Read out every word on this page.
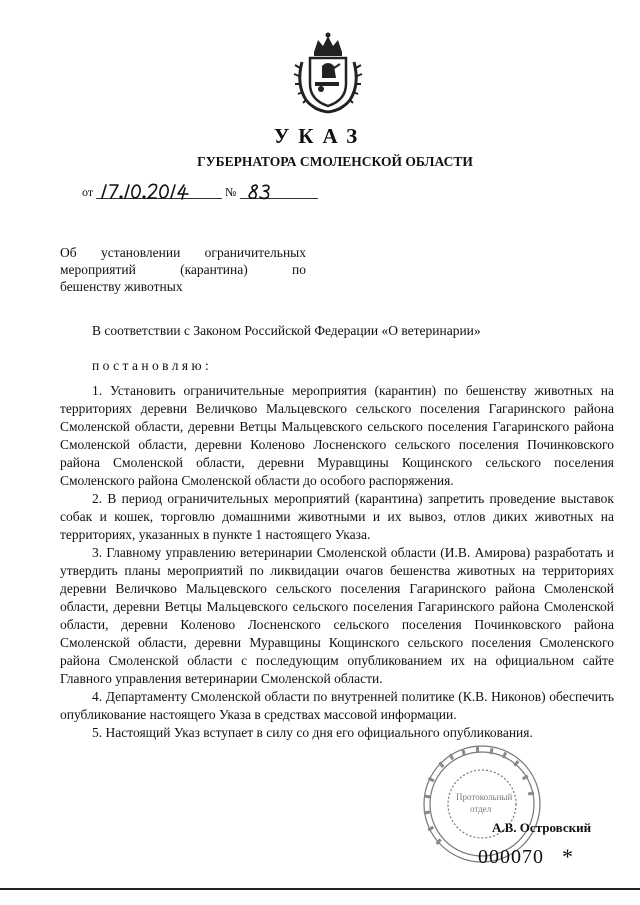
УКАЗ
ГУБЕРНАТОРА СМОЛЕНСКОЙ ОБЛАСТИ
от	№
Об установлении ограничительных
мероприятий (карантина) по
бешенству животных
В соответствии с Законом Российской Федерации «О ветеринарии»
постановляю:

1. Установить ограничительные мероприятия (карантин) по бешенству животных на территориях деревни Величково Мальцевского сельского поселения Гагаринского района Смоленской области, деревни Ветцы Мальцевского сельского поселения Гагаринского района Смоленской области, деревни Коленово Лосненского сельского поселения Починковского района Смоленской области, деревни Муравщины Кощинского сельского поселения Смоленского района Смоленской области до особого распоряжения.

2. В период ограничительных мероприятий (карантина) запретить проведение выставок собак и кошек, торговлю домашними животными и их вывоз, отлов диких животных на территориях, указанных в пункте 1 настоящего Указа.

3. Главному управлению ветеринарии Смоленской области (И.В. Амирова) разработать и утвердить планы мероприятий по ликвидации очагов бешенства животных на территориях деревни Величково Мальцевского сельского поселения Гагаринского района Смоленской области, деревни Ветцы Мальцевского сельского поселения Гагаринского района Смоленской области, деревни Коленово Лосненского сельского поселения Починковского района Смоленской области, деревни Муравщины Кощинского сельского поселения Смоленского района Смоленской области с последующим опубликованием их на официальном сайте Главного управления ветеринарии Смоленской области.

4. Департаменту Смоленской области по внутренней политике (К.В. Никонов) обеспечить опубликование настоящего Указа в средствах массовой информации.

5. Настоящий Указ вступает в силу со дня его официального опубликования.

Протокольный
отдел
А.В. Островский
000070 *
